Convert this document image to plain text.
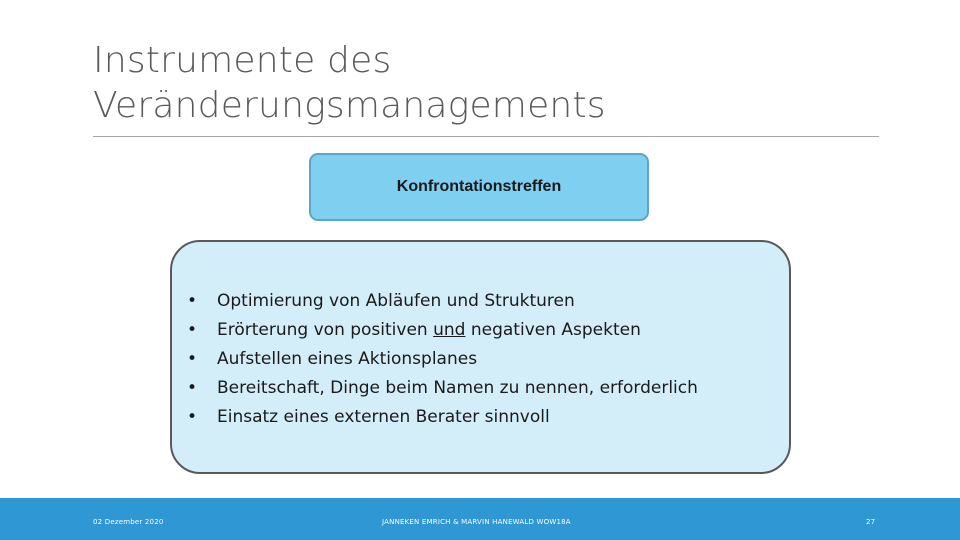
Instrumente des
Veränderungsmanagements
Konfrontationstreffen
• Optimierung von Abläufen und Strukturen
• Erörterung von positiven und negativen Aspekten
• Aufstellen eines Aktionsplanes
• Bereitschaft, Dinge beim Namen zu nennen, erforderlich
• Einsatz eines externen Berater sinnvoll
02 Dezember 2020	JANNEKEN EMRICH & MARVIN HANEWALD WOW18A	27
